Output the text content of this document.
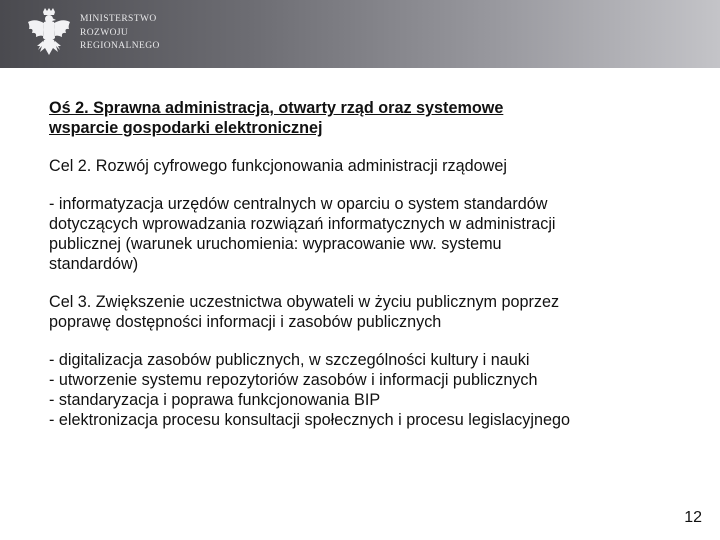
MINISTERSTWO
ROZWOJU
REGIONALNEGO

Oś 2. Sprawna administracja, otwarty rząd oraz systemowe
wsparcie gospodarki elektronicznej

Cel 2. Rozwój cyfrowego funkcjonowania administracji rządowej

- informatyzacja urzędów centralnych w oparciu o system standardów
dotyczących wprowadzania rozwiązań informatycznych w administracji
publicznej (warunek uruchomienia: wypracowanie ww. systemu
standardów)

Cel 3. Zwiększenie uczestnictwa obywateli w życiu publicznym poprzez
poprawę dostępności informacji i zasobów publicznych

- digitalizacja zasobów publicznych, w szczególności kultury i nauki
- utworzenie systemu repozytoriów zasobów i informacji publicznych
- standaryzacja i poprawa funkcjonowania BIP
- elektronizacja procesu konsultacji społecznych i procesu legislacyjnego

12
